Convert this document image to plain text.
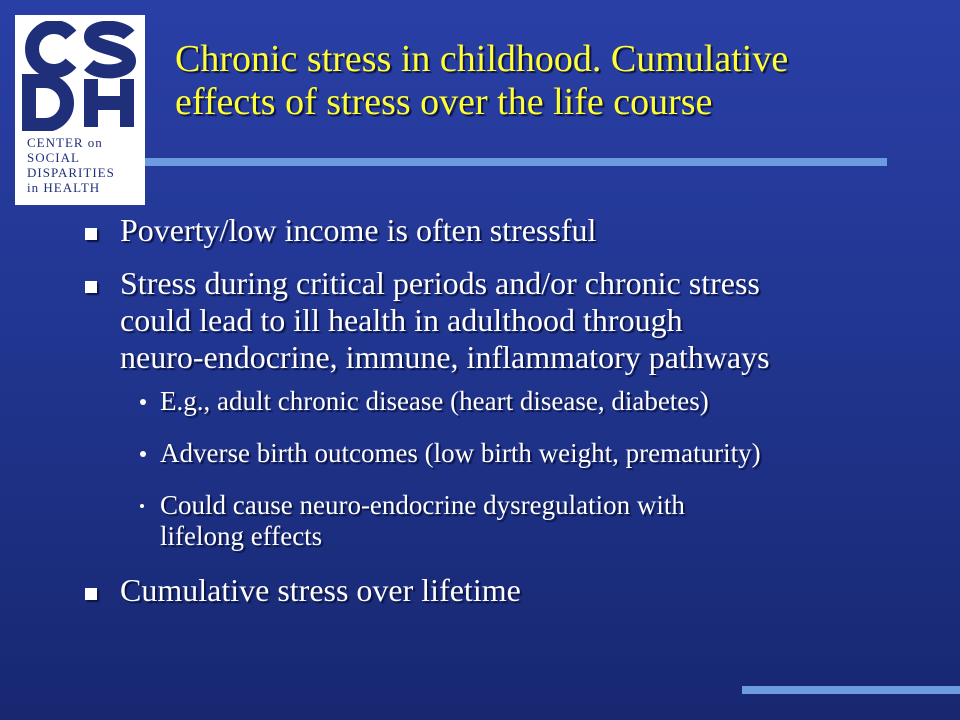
CENTER on
SOCIAL
DISPARITIES
in HEALTH
Chronic stress in childhood. Cumulative
effects of stress over the life course
Poverty/low income is often stressful
Stress during critical periods and/or chronic stress
could lead to ill health in adulthood through
neuro-endocrine, immune, inflammatory pathways
E.g., adult chronic disease (heart disease, diabetes)
Adverse birth outcomes (low birth weight, prematurity)
Could cause neuro-endocrine dysregulation with
lifelong effects
Cumulative stress over lifetime
